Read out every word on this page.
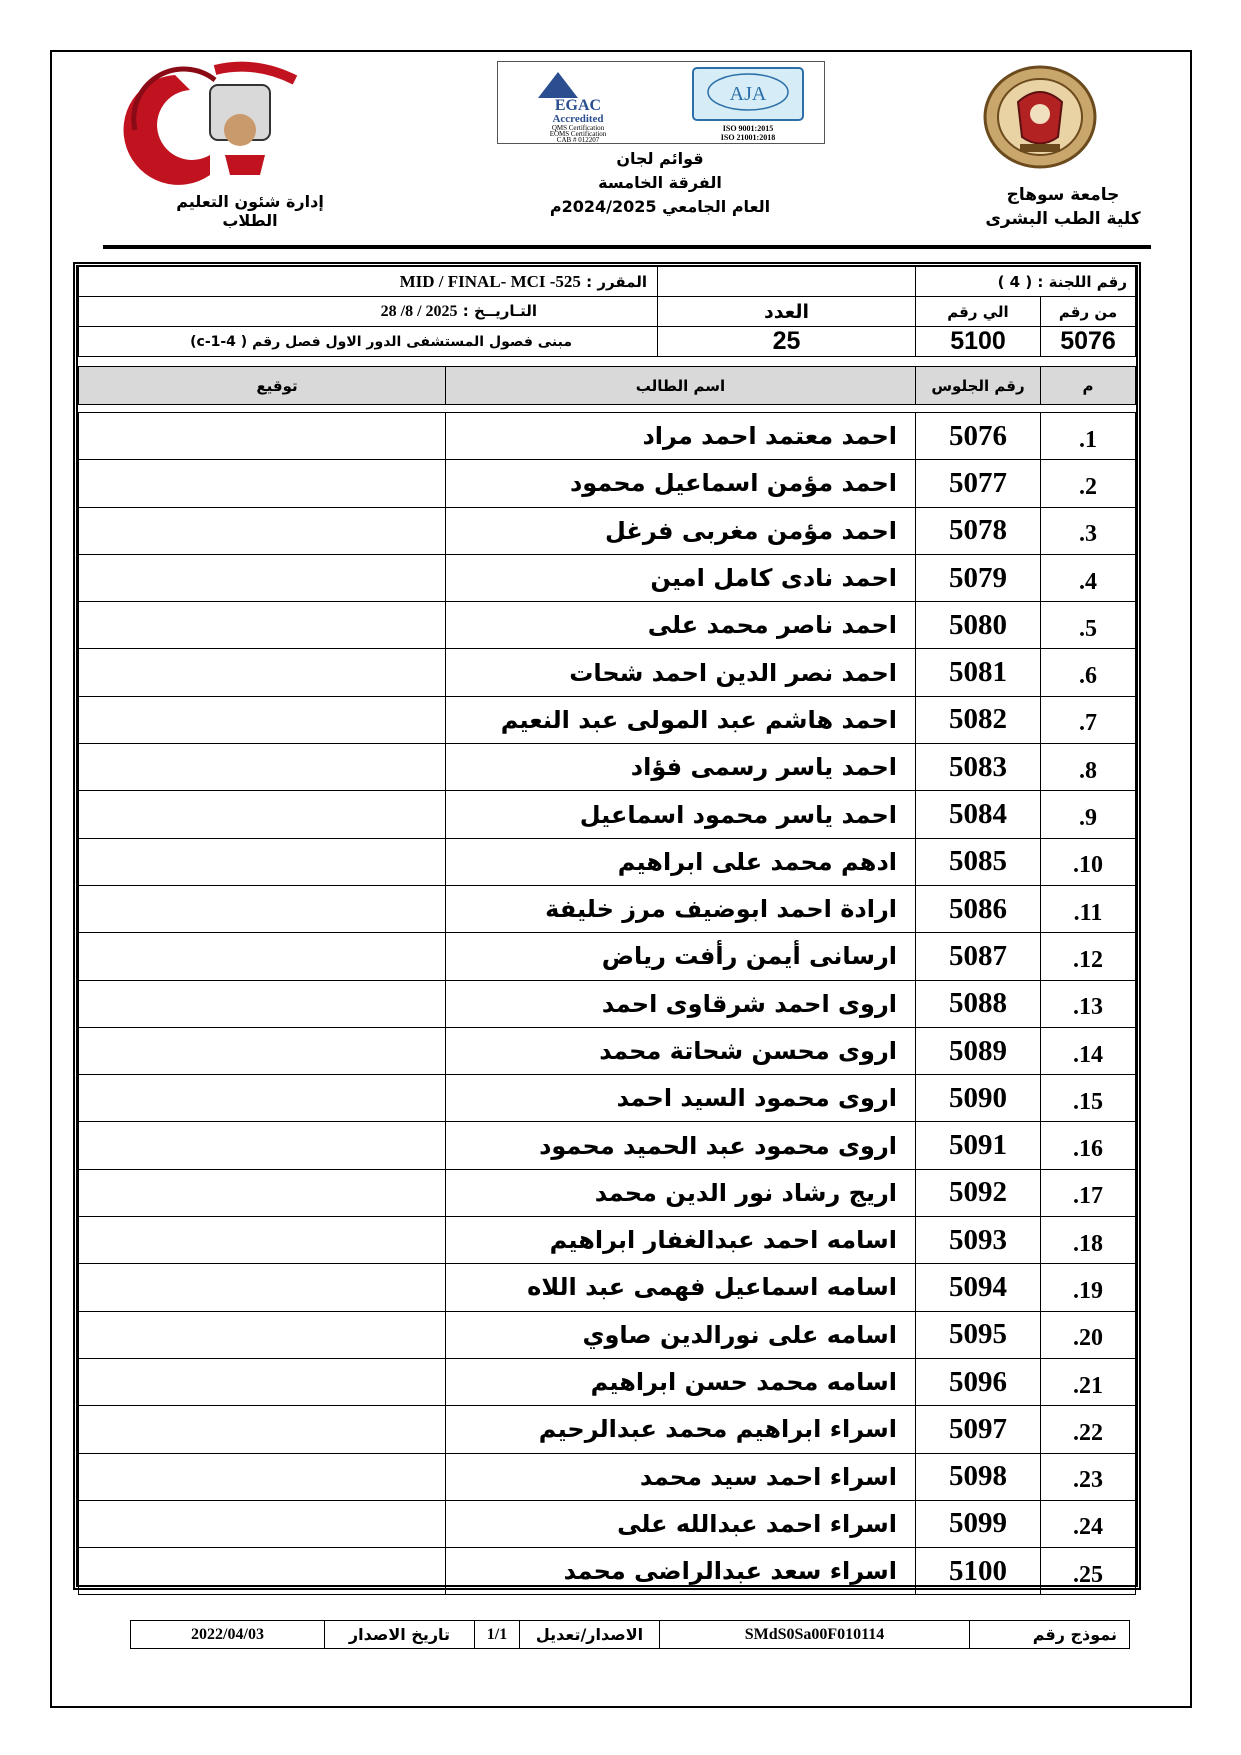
EGAC
Accredited
QMS Certification
EOMS Certification
CAB # 012207
AJA
ISO 9001:2015
ISO 21001:2018
جامعة سوهاج
كلية الطب البشرى
قوائم لجان
الفرقة الخامسة
العام الجامعي 2024/2025م
إدارة شئون التعليم الطلاب
رقم اللجنة : ( 4 )			المقرر : MID / FINAL- MCI -525
من رقم	الي رقم	العدد	التـاريــخ : 28 /8 / 2025
5076	5100	25	مبنى فصول المستشفى الدور الاول فصل رقم ( c-1-4)
م	رقم الجلوس	اسم الطالب	توقيع
1.	5076	احمد معتمد احمد مراد	
2.	5077	احمد مؤمن اسماعيل محمود	
3.	5078	احمد مؤمن مغربى فرغل	
4.	5079	احمد نادى كامل امين	
5.	5080	احمد ناصر محمد على	
6.	5081	احمد نصر الدين احمد شحات	
7.	5082	احمد هاشم عبد المولى عبد النعيم	
8.	5083	احمد ياسر رسمى فؤاد	
9.	5084	احمد ياسر محمود اسماعيل	
10.	5085	ادهم محمد على ابراهيم	
11.	5086	ارادة احمد ابوضيف مرز خليفة	
12.	5087	ارسانى أيمن رأفت رياض	
13.	5088	اروى احمد شرقاوى احمد	
14.	5089	اروى محسن شحاتة محمد	
15.	5090	اروى محمود السيد احمد	
16.	5091	اروى محمود عبد الحميد محمود	
17.	5092	اريج رشاد نور الدين محمد	
18.	5093	اسامه احمد عبدالغفار ابراهيم	
19.	5094	اسامه اسماعيل فهمى عبد اللاه	
20.	5095	اسامه على نورالدين صاوي	
21.	5096	اسامه محمد حسن ابراهيم	
22.	5097	اسراء ابراهيم محمد عبدالرحيم	
23.	5098	اسراء احمد سيد محمد	
24.	5099	اسراء احمد عبدالله على	
25.	5100	اسراء سعد عبدالراضى محمد	
نموذج رقم	SMdS0Sa00F010114	الاصدار/تعديل	1/1	تاريخ الاصدار	2022/04/03
